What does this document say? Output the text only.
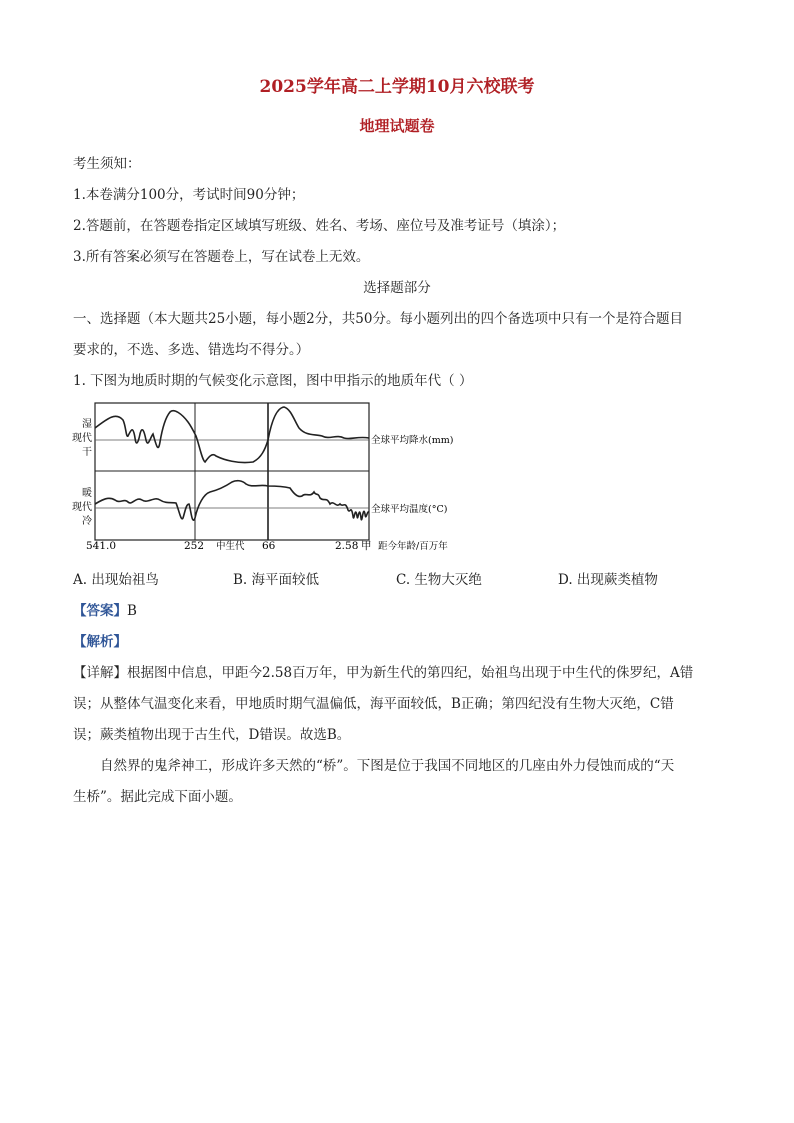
2025学年高二上学期10月六校联考
地理试题卷
考生须知：
1.本卷满分100分，考试时间90分钟；
2.答题前，在答题卷指定区域填写班级、姓名、考场、座位号及准考证号（填涂）；
3.所有答案必须写在答题卷上，写在试卷上无效。
选择题部分
一、选择题（本大题共25小题，每小题2分，共50分。每小题列出的四个备选项中只有一个是符合题目
要求的，不选、多选、错选均不得分。）
1. 下图为地质时期的气候变化示意图，图中甲指示的地质年代（ ）
湿
现代
干
暖
现代
冷
全球平均降水(mm)
全球平均温度(°C)
541.0	252 中生代 66	2.58 甲 距今年龄/百万年
A. 出现始祖鸟	B. 海平面较低	C. 生物大灭绝	D. 出现蕨类植物
【答案】B
【解析】
【详解】根据图中信息，甲距今2.58百万年，甲为新生代的第四纪，始祖鸟出现于中生代的侏罗纪，A错
误；从整体气温变化来看，甲地质时期气温偏低，海平面较低，B正确；第四纪没有生物大灭绝，C错
误；蕨类植物出现于古生代，D错误。故选B。
自然界的鬼斧神工，形成许多天然的“桥”。下图是位于我国不同地区的几座由外力侵蚀而成的“天
生桥”。据此完成下面小题。
